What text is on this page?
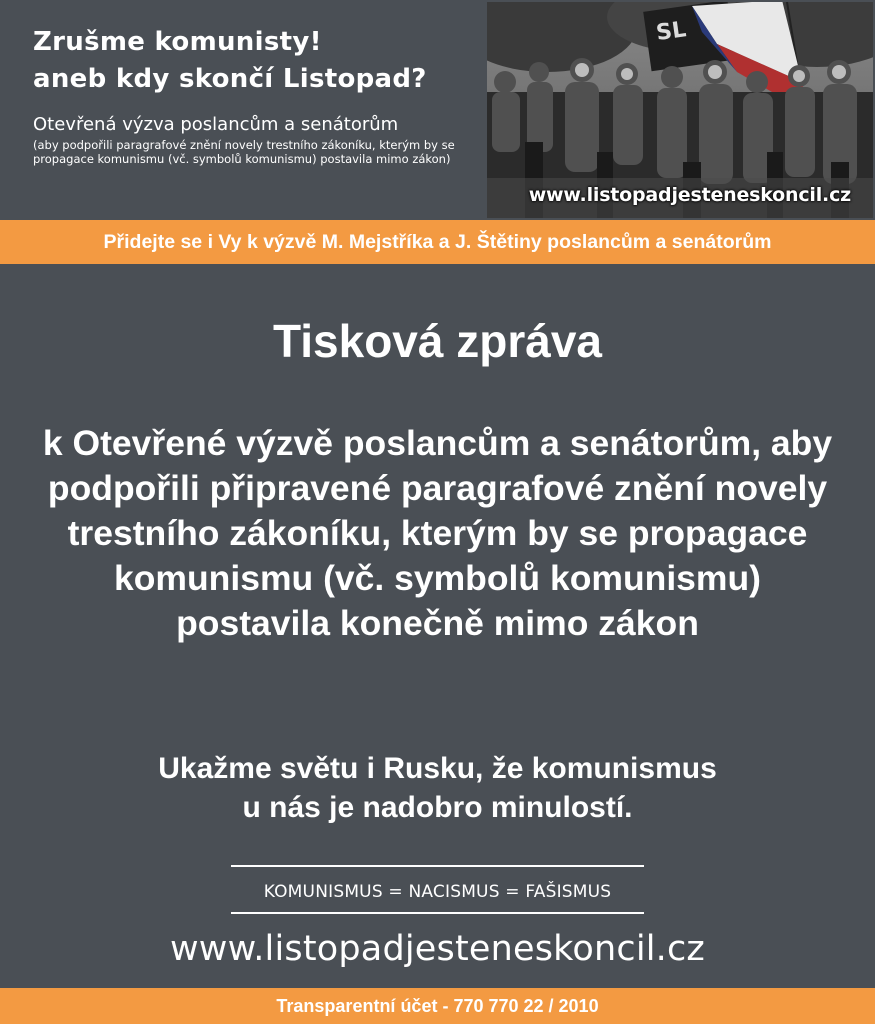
Zrušme komunisty!
aneb kdy skončí Listopad?
Otevřená výzva poslancům a senátorům
(aby podpořili paragrafové znění novely trestního zákoníku, kterým by se propagace komunismu (vč. symbolů komunismu) postavila mimo zákon)
SL
www.listopadjesteneskoncil.cz
Přidejte se i Vy k výzvě M. Mejstříka a J. Štětiny poslancům a senátorům
Tisková zpráva
k Otevřené výzvě poslancům a senátorům, aby podpořili připravené paragrafové znění novely trestního zákoníku, kterým by se propagace komunismu (vč. symbolů komunismu) postavila konečně mimo zákon
Ukažme světu i Rusku, že komunismus
u nás je nadobro minulostí.
KOMUNISMUS = NACISMUS = FAŠISMUS
www.listopadjesteneskoncil.cz
Transparentní účet - 770 770 22 / 2010
